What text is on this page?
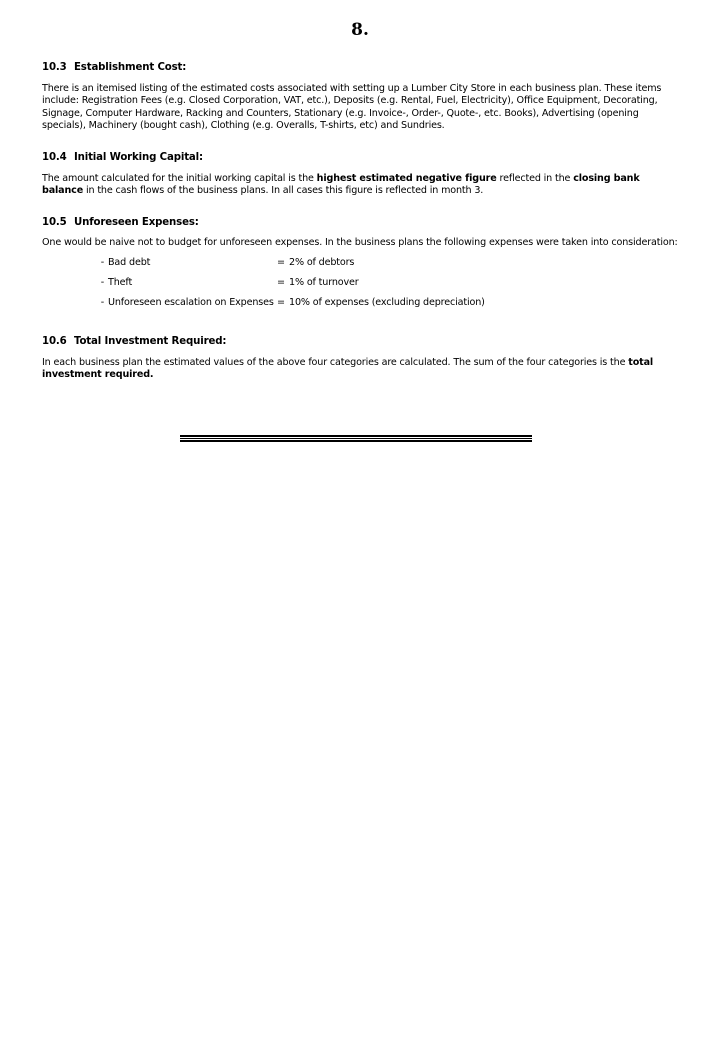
8.
10.3 Establishment Cost:

There is an itemised listing of the estimated costs associated with setting up a Lumber City Store in each business plan. These items include: Registration Fees (e.g. Closed Corporation, VAT, etc.), Deposits (e.g. Rental, Fuel, Electricity), Office Equipment, Decorating, Signage, Computer Hardware, Racking and Counters, Stationary (e.g. Invoice-, Order-, Quote-, etc. Books), Advertising (opening specials), Machinery (bought cash), Clothing (e.g. Overalls, T-shirts, etc) and Sundries.

10.4 Initial Working Capital:

The amount calculated for the initial working capital is the highest estimated negative figure reflected in the closing bank balance in the cash flows of the business plans. In all cases this figure is reflected in month 3.

10.5 Unforeseen Expenses:

One would be naive not to budget for unforeseen expenses. In the business plans the following expenses were taken into consideration:

- Bad debt	= 2% of debtors
- Theft	= 1% of turnover
- Unforeseen escalation on Expenses = 10% of expenses (excluding depreciation)
10.6 Total Investment Required:

In each business plan the estimated values of the above four categories are calculated. The sum of the four categories is the total investment required.
